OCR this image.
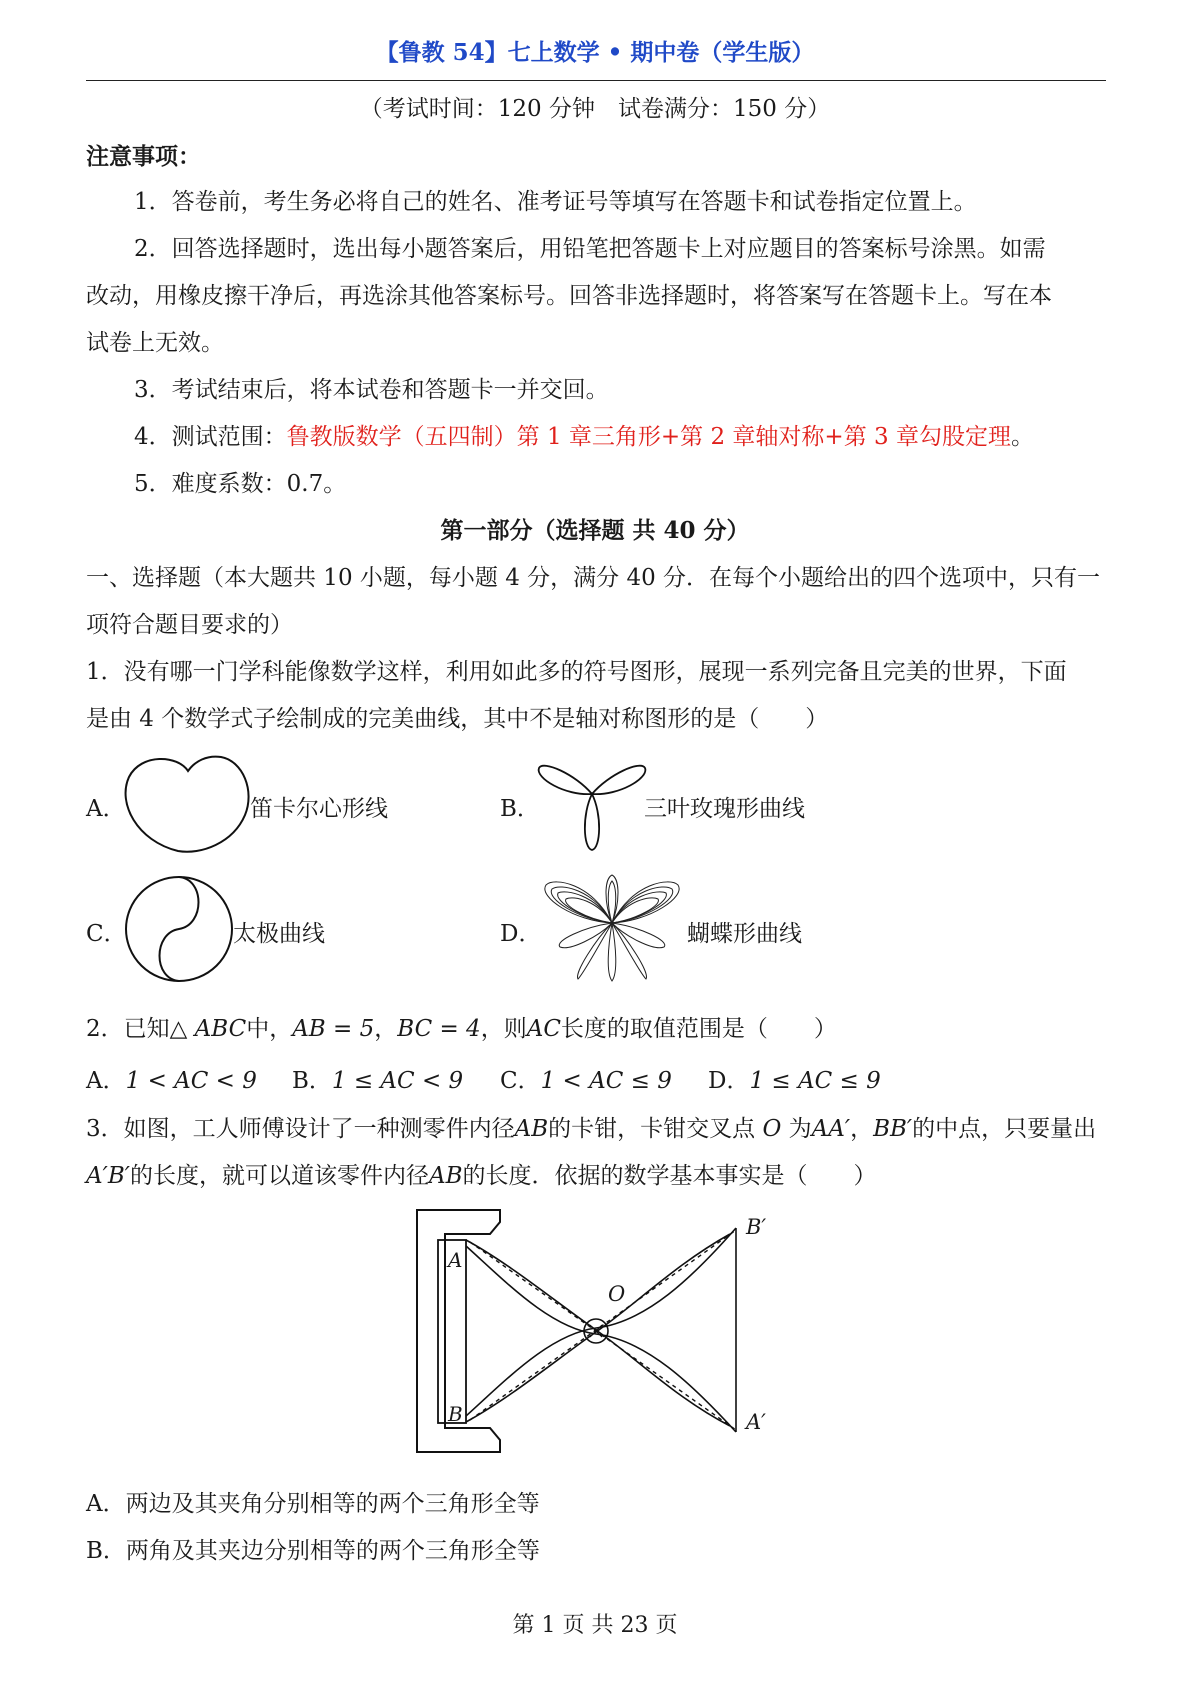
【鲁教 54】七上数学 • 期中卷（学生版）
（考试时间：120 分钟　试卷满分：150 分）
注意事项：
1．答卷前，考生务必将自己的姓名、准考证号等填写在答题卡和试卷指定位置上。
2．回答选择题时，选出每小题答案后，用铅笔把答题卡上对应题目的答案标号涂黑。如需
改动，用橡皮擦干净后，再选涂其他答案标号。回答非选择题时，将答案写在答题卡上。写在本
试卷上无效。
3．考试结束后，将本试卷和答题卡一并交回。
4．测试范围：鲁教版数学（五四制）第 1 章三角形+第 2 章轴对称+第 3 章勾股定理。
5．难度系数：0.7。
第一部分（选择题 共 40 分）
一、选择题（本大题共 10 小题，每小题 4 分，满分 40 分．在每个小题给出的四个选项中，只有一
项符合题目要求的）
1．没有哪一门学科能像数学这样，利用如此多的符号图形，展现一系列完备且完美的世界，下面
是由 4 个数学式子绘制成的完美曲线，其中不是轴对称图形的是（　　）
A．	笛卡尔心形线	B．	三叶玫瑰形曲线
C．	太极曲线	D．	蝴蝶形曲线
2．已知△ ABC中，AB = 5，BC = 4，则AC长度的取值范围是（　　）
A．1 < AC < 9 B．1 ≤ AC < 9 C．1 < AC ≤ 9 D．1 ≤ AC ≤ 9
3．如图，工人师傅设计了一种测零件内径AB的卡钳，卡钳交叉点 O 为AA′，BB′的中点，只要量出
A′B′的长度，就可以道该零件内径AB的长度．依据的数学基本事实是（　　）
A
B
O
B′
A′
A．两边及其夹角分别相等的两个三角形全等
B．两角及其夹边分别相等的两个三角形全等
第 1 页 共 23 页
